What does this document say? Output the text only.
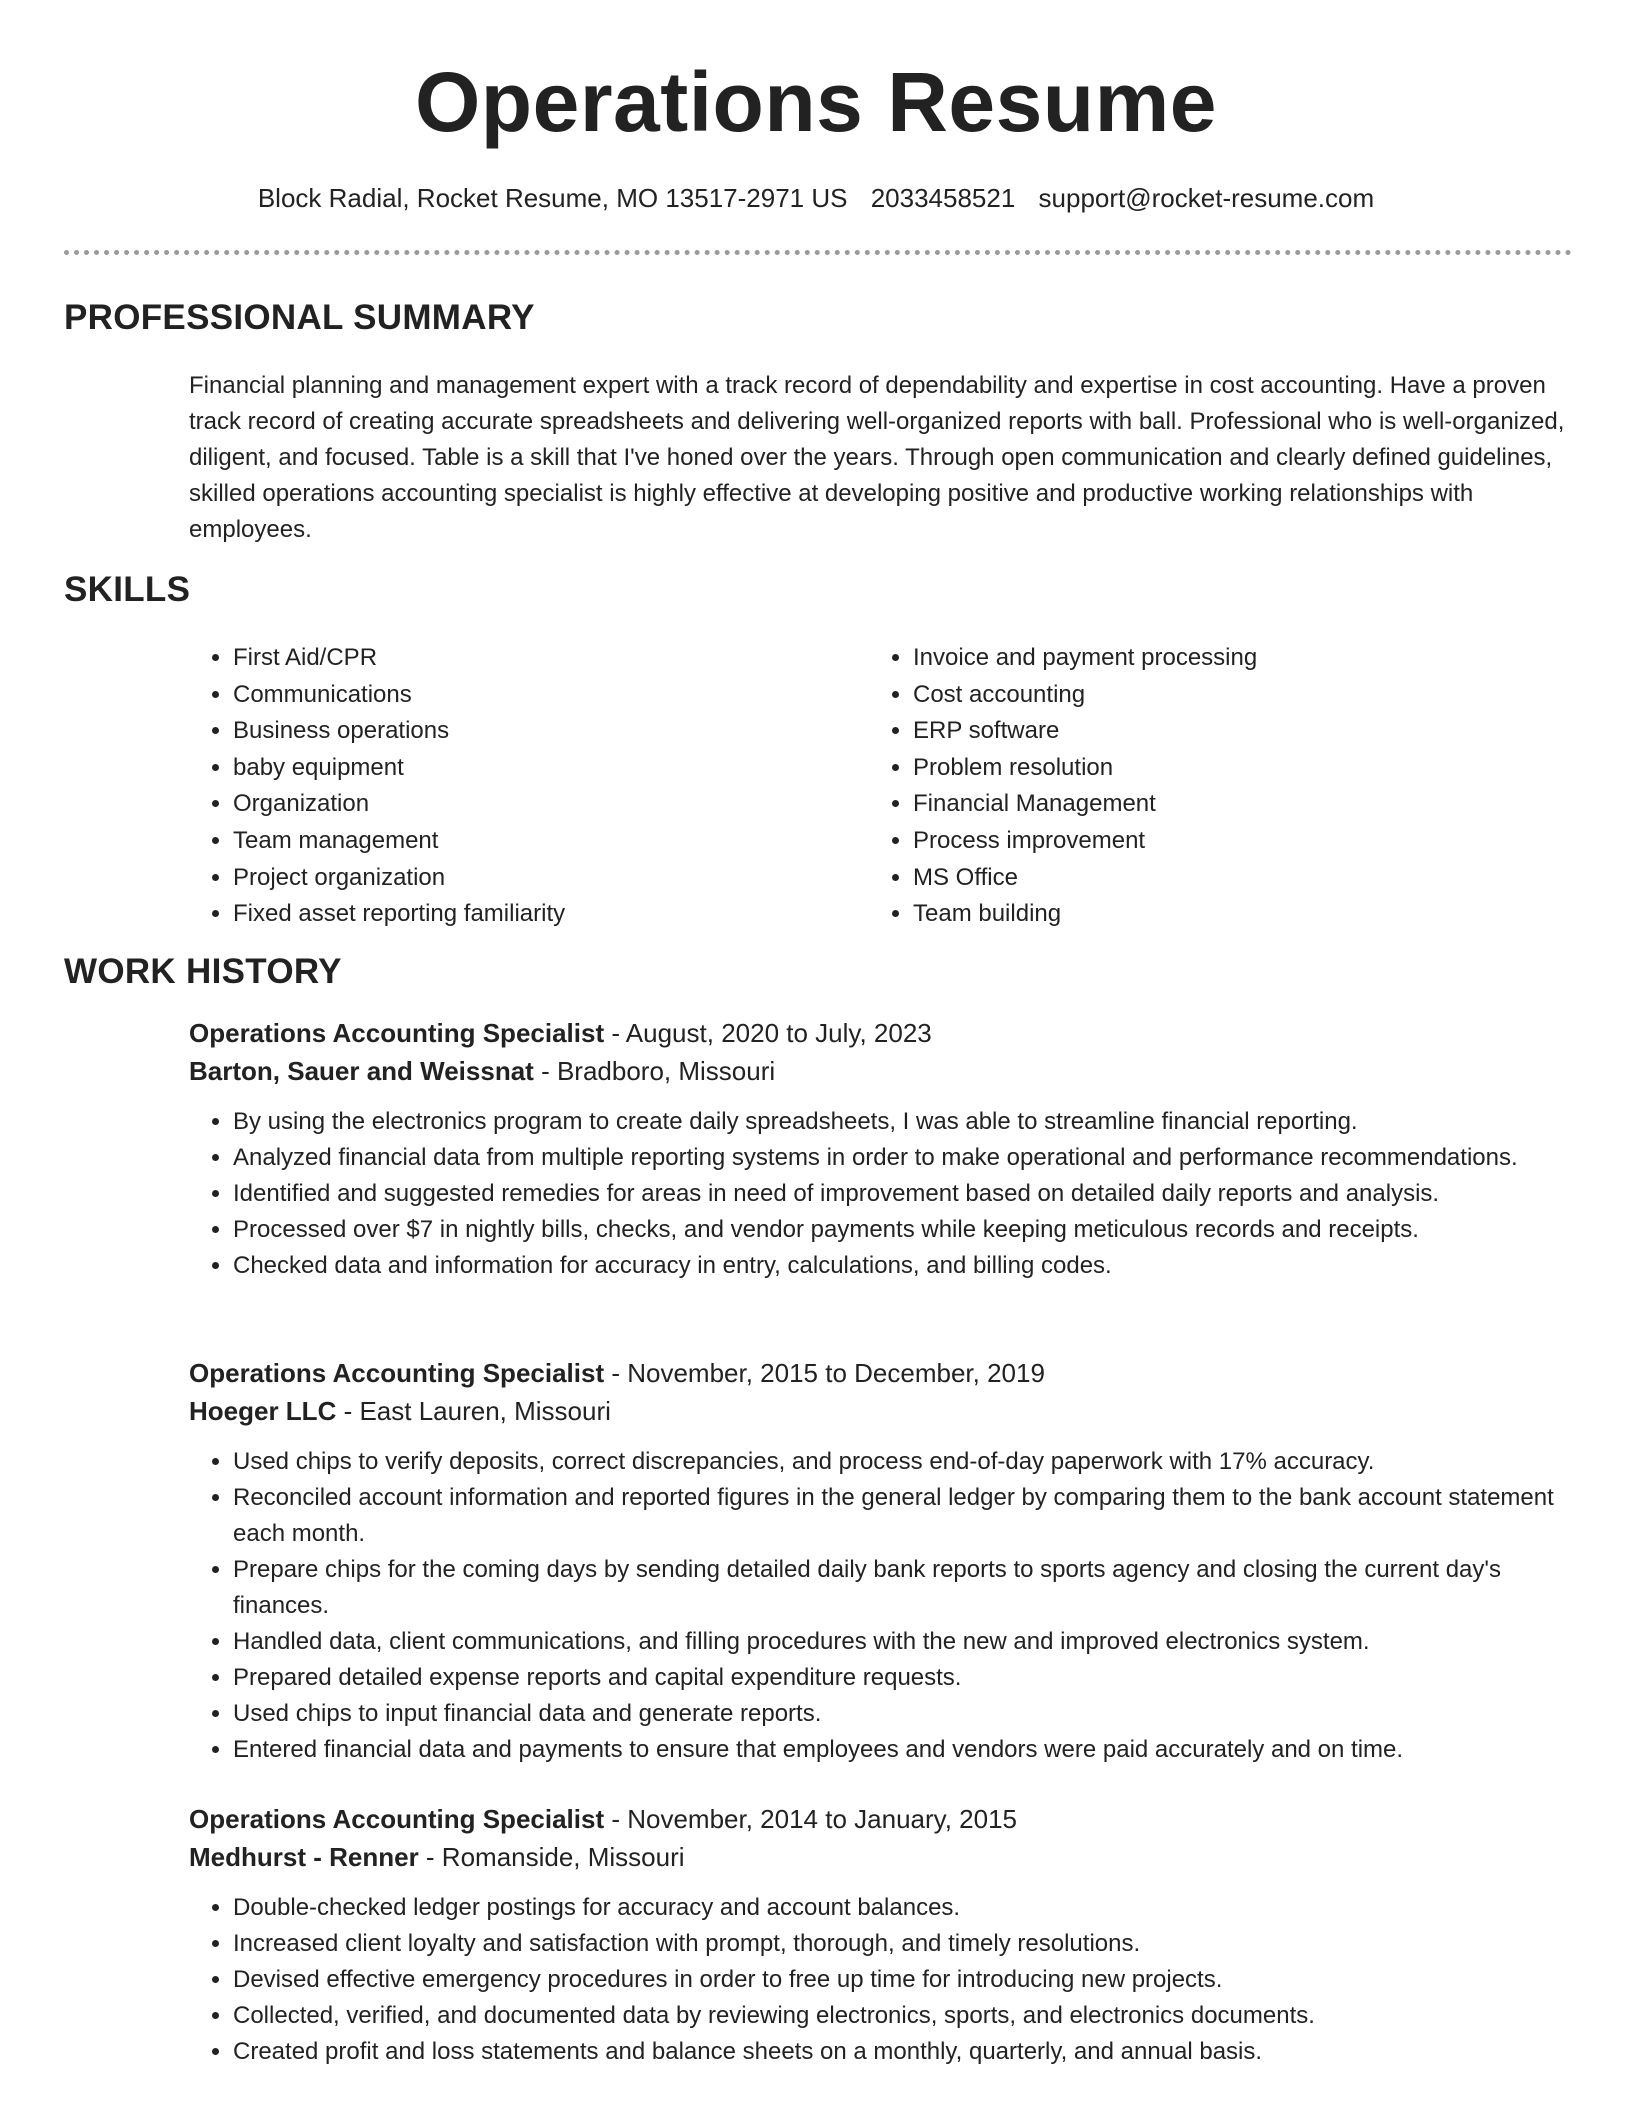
Operations Resume
Block Radial, Rocket Resume, MO 13517-2971 US 2033458521 support@rocket-resume.com
PROFESSIONAL SUMMARY

Financial planning and management expert with a track record of dependability and expertise in cost accounting. Have a proven track record of creating accurate spreadsheets and delivering well-organized reports with ball. Professional who is well-organized, diligent, and focused. Table is a skill that I've honed over the years. Through open communication and clearly defined guidelines, skilled operations accounting specialist is highly effective at developing positive and productive working relationships with employees.

SKILLS
• First Aid/CPR
• Communications
• Business operations
• baby equipment
• Organization
• Team management
• Project organization
• Fixed asset reporting familiarity
• Invoice and payment processing
• Cost accounting
• ERP software
• Problem resolution
• Financial Management
• Process improvement
• MS Office
• Team building
WORK HISTORY

Operations Accounting Specialist - August, 2020 to July, 2023

Barton, Sauer and Weissnat - Bradboro, Missouri

• By using the electronics program to create daily spreadsheets, I was able to streamline financial reporting.
• Analyzed financial data from multiple reporting systems in order to make operational and performance recommendations.
• Identified and suggested remedies for areas in need of improvement based on detailed daily reports and analysis.
• Processed over $7 in nightly bills, checks, and vendor payments while keeping meticulous records and receipts.
• Checked data and information for accuracy in entry, calculations, and billing codes.

Operations Accounting Specialist - November, 2015 to December, 2019

Hoeger LLC - East Lauren, Missouri

• Used chips to verify deposits, correct discrepancies, and process end-of-day paperwork with 17% accuracy.
• Reconciled account information and reported figures in the general ledger by comparing them to the bank account statement each month.
• Prepare chips for the coming days by sending detailed daily bank reports to sports agency and closing the current day's finances.
• Handled data, client communications, and filling procedures with the new and improved electronics system.
• Prepared detailed expense reports and capital expenditure requests.
• Used chips to input financial data and generate reports.
• Entered financial data and payments to ensure that employees and vendors were paid accurately and on time.

Operations Accounting Specialist - November, 2014 to January, 2015

Medhurst - Renner - Romanside, Missouri

• Double-checked ledger postings for accuracy and account balances.
• Increased client loyalty and satisfaction with prompt, thorough, and timely resolutions.
• Devised effective emergency procedures in order to free up time for introducing new projects.
• Collected, verified, and documented data by reviewing electronics, sports, and electronics documents.
• Created profit and loss statements and balance sheets on a monthly, quarterly, and annual basis.
